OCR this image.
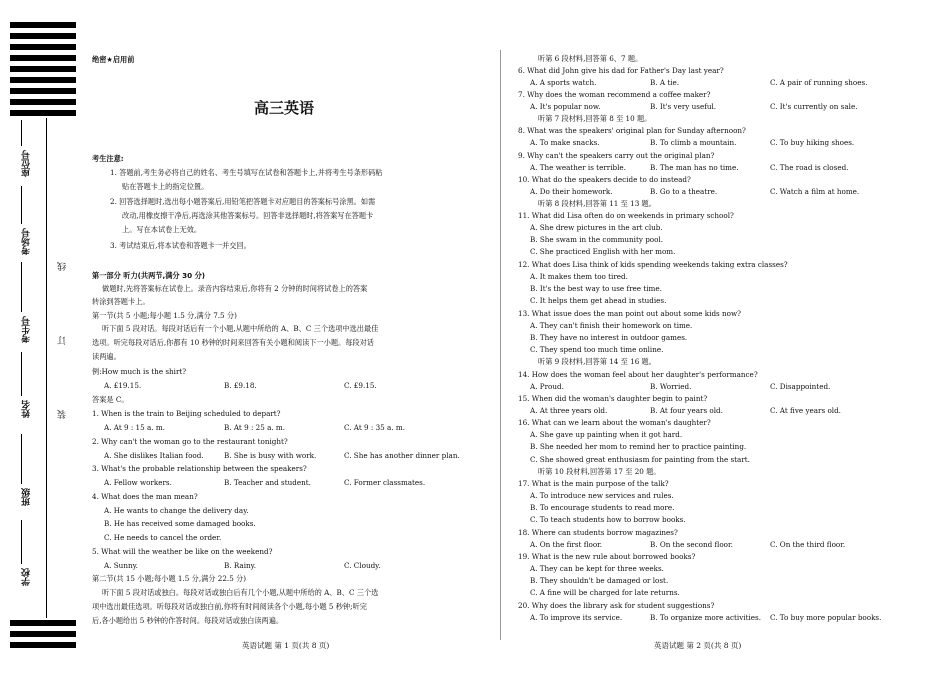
座位号
考场号
考生号
姓名
班级
学校
线
订
装
绝密★启用前
高三英语
考生注意:
1. 答题前,考生务必将自己的姓名、考生号填写在试卷和答题卡上,并将考生号条形码粘
贴在答题卡上的指定位置。
2. 回答选择题时,选出每小题答案后,用铅笔把答题卡对应题目的答案标号涂黑。如需
改动,用橡皮擦干净后,再选涂其他答案标号。回答非选择题时,将答案写在答题卡
上。写在本试卷上无效。
3. 考试结束后,将本试卷和答题卡一并交回。
第一部分 听力(共两节,满分 30 分)
做题时,先将答案标在试卷上。录音内容结束后,你将有 2 分钟的时间将试卷上的答案
转涂到答题卡上。
第一节(共 5 小题;每小题 1.5 分,满分 7.5 分)
听下面 5 段对话。每段对话后有一个小题,从题中所给的 A、B、C 三个选项中选出最佳
选项。听完每段对话后,你都有 10 秒钟的时间来回答有关小题和阅读下一小题。每段对话
读两遍。
例:How much is the shirt?
A. £19.15.	B. £9.18.	C. £9.15.
答案是 C。
1. When is the train to Beijing scheduled to depart?
A. At 9 : 15 a. m.	B. At 9 : 25 a. m.	C. At 9 : 35 a. m.
2. Why can't the woman go to the restaurant tonight?
A. She dislikes Italian food.	B. She is busy with work.	C. She has another dinner plan.
3. What's the probable relationship between the speakers?
A. Fellow workers.	B. Teacher and student.	C. Former classmates.
4. What does the man mean?
A. He wants to change the delivery day.
B. He has received some damaged books.
C. He needs to cancel the order.
5. What will the weather be like on the weekend?
A. Sunny.	B. Rainy.	C. Cloudy.
第二节(共 15 小题;每小题 1.5 分,满分 22.5 分)
听下面 5 段对话或独白。每段对话或独白后有几个小题,从题中所给的 A、B、C 三个选
项中选出最佳选项。听每段对话或独白前,你将有时间阅读各个小题,每小题 5 秒钟;听完
后,各小题给出 5 秒钟的作答时间。每段对话或独白读两遍。
英语试题 第 1 页(共 8 页)
听第 6 段材料,回答第 6、7 题。
6. What did John give his dad for Father's Day last year?
A. A sports watch.	B. A tie.	C. A pair of running shoes.
7. Why does the woman recommend a coffee maker?
A. It's popular now.	B. It's very useful.	C. It's currently on sale.
听第 7 段材料,回答第 8 至 10 题。
8. What was the speakers' original plan for Sunday afternoon?
A. To make snacks.	B. To climb a mountain.	C. To buy hiking shoes.
9. Why can't the speakers carry out the original plan?
A. The weather is terrible.	B. The man has no time.	C. The road is closed.
10. What do the speakers decide to do instead?
A. Do their homework.	B. Go to a theatre.	C. Watch a film at home.
听第 8 段材料,回答第 11 至 13 题。
11. What did Lisa often do on weekends in primary school?
A. She drew pictures in the art club.
B. She swam in the community pool.
C. She practiced English with her mom.
12. What does Lisa think of kids spending weekends taking extra classes?
A. It makes them too tired.
B. It's the best way to use free time.
C. It helps them get ahead in studies.
13. What issue does the man point out about some kids now?
A. They can't finish their homework on time.
B. They have no interest in outdoor games.
C. They spend too much time online.
听第 9 段材料,回答第 14 至 16 题。
14. How does the woman feel about her daughter's performance?
A. Proud.	B. Worried.	C. Disappointed.
15. When did the woman's daughter begin to paint?
A. At three years old.	B. At four years old.	C. At five years old.
16. What can we learn about the woman's daughter?
A. She gave up painting when it got hard.
B. She needed her mom to remind her to practice painting.
C. She showed great enthusiasm for painting from the start.
听第 10 段材料,回答第 17 至 20 题。
17. What is the main purpose of the talk?
A. To introduce new services and rules.
B. To encourage students to read more.
C. To teach students how to borrow books.
18. Where can students borrow magazines?
A. On the first floor.	B. On the second floor.	C. On the third floor.
19. What is the new rule about borrowed books?
A. They can be kept for three weeks.
B. They shouldn't be damaged or lost.
C. A fine will be charged for late returns.
20. Why does the library ask for student suggestions?
A. To improve its service.	B. To organize more activities. C. To buy more popular books.
英语试题 第 2 页(共 8 页)
